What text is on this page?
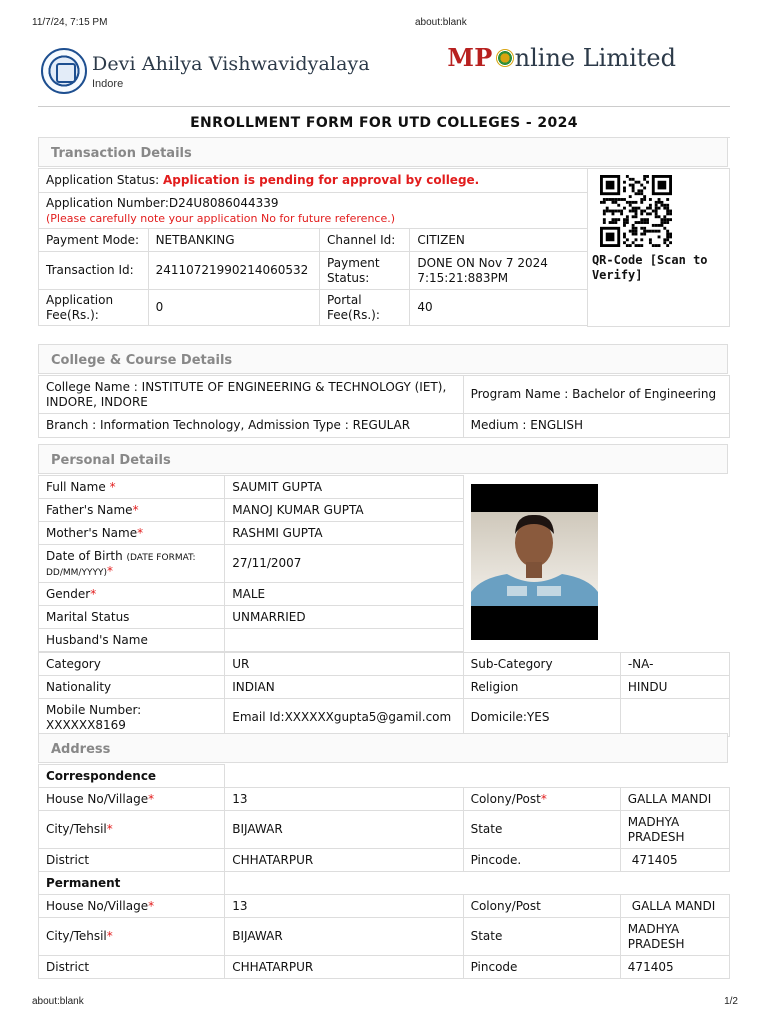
11/7/24, 7:15 PM	about:blank
Devi Ahilya Vishwavidyalaya
Indore
MP nline Limited
ENROLLMENT FORM FOR UTD COLLEGES - 2024
Transaction Details
Application Status: Application is pending for approval by college.				QR-Code [Scan to Verify]

Application Number:D24U8086044339
(Please carefully note your application No for future reference.)				
Payment Mode:	NETBANKING	Channel Id:	CITIZEN	
Transaction Id:	24110721990214060532	Payment Status:	DONE ON Nov 7 2024 7:15:21:883PM	
Application Fee(Rs.):	0	Portal Fee(Rs.):	40	

College & Course Details
College Name : INSTITUTE OF ENGINEERING & TECHNOLOGY (IET), INDORE, INDORE	Program Name : Bachelor of Engineering
Branch : Information Technology, Admission Type : REGULAR	Medium : ENGLISH
Personal Details
Full Name *	SAUMIT GUPTA		
Father's Name*	MANOJ KUMAR GUPTA		
Mother's Name*	RASHMI GUPTA		
Date of Birth (DATE FORMAT: DD/MM/YYYY)*	27/11/2007		
Gender*	MALE		
Marital Status	UNMARRIED		
Husband's Name			

Category	UR	Sub-Category	-NA-
Nationality	INDIAN	Religion	HINDU
Mobile Number:
XXXXXX8169	Email Id:XXXXXXgupta5@gamil.com	Domicile:YES	
Address
Correspondence			
House No/Village*	13	Colony/Post*	GALLA MANDI
City/Tehsil*	BIJAWAR	State	MADHYA PRADESH
District	CHHATARPUR	Pincode.	471405
Permanent			
House No/Village*	13	Colony/Post	GALLA MANDI
City/Tehsil*	BIJAWAR	State	MADHYA PRADESH
District	CHHATARPUR	Pincode	471405
about:blank	1/2
